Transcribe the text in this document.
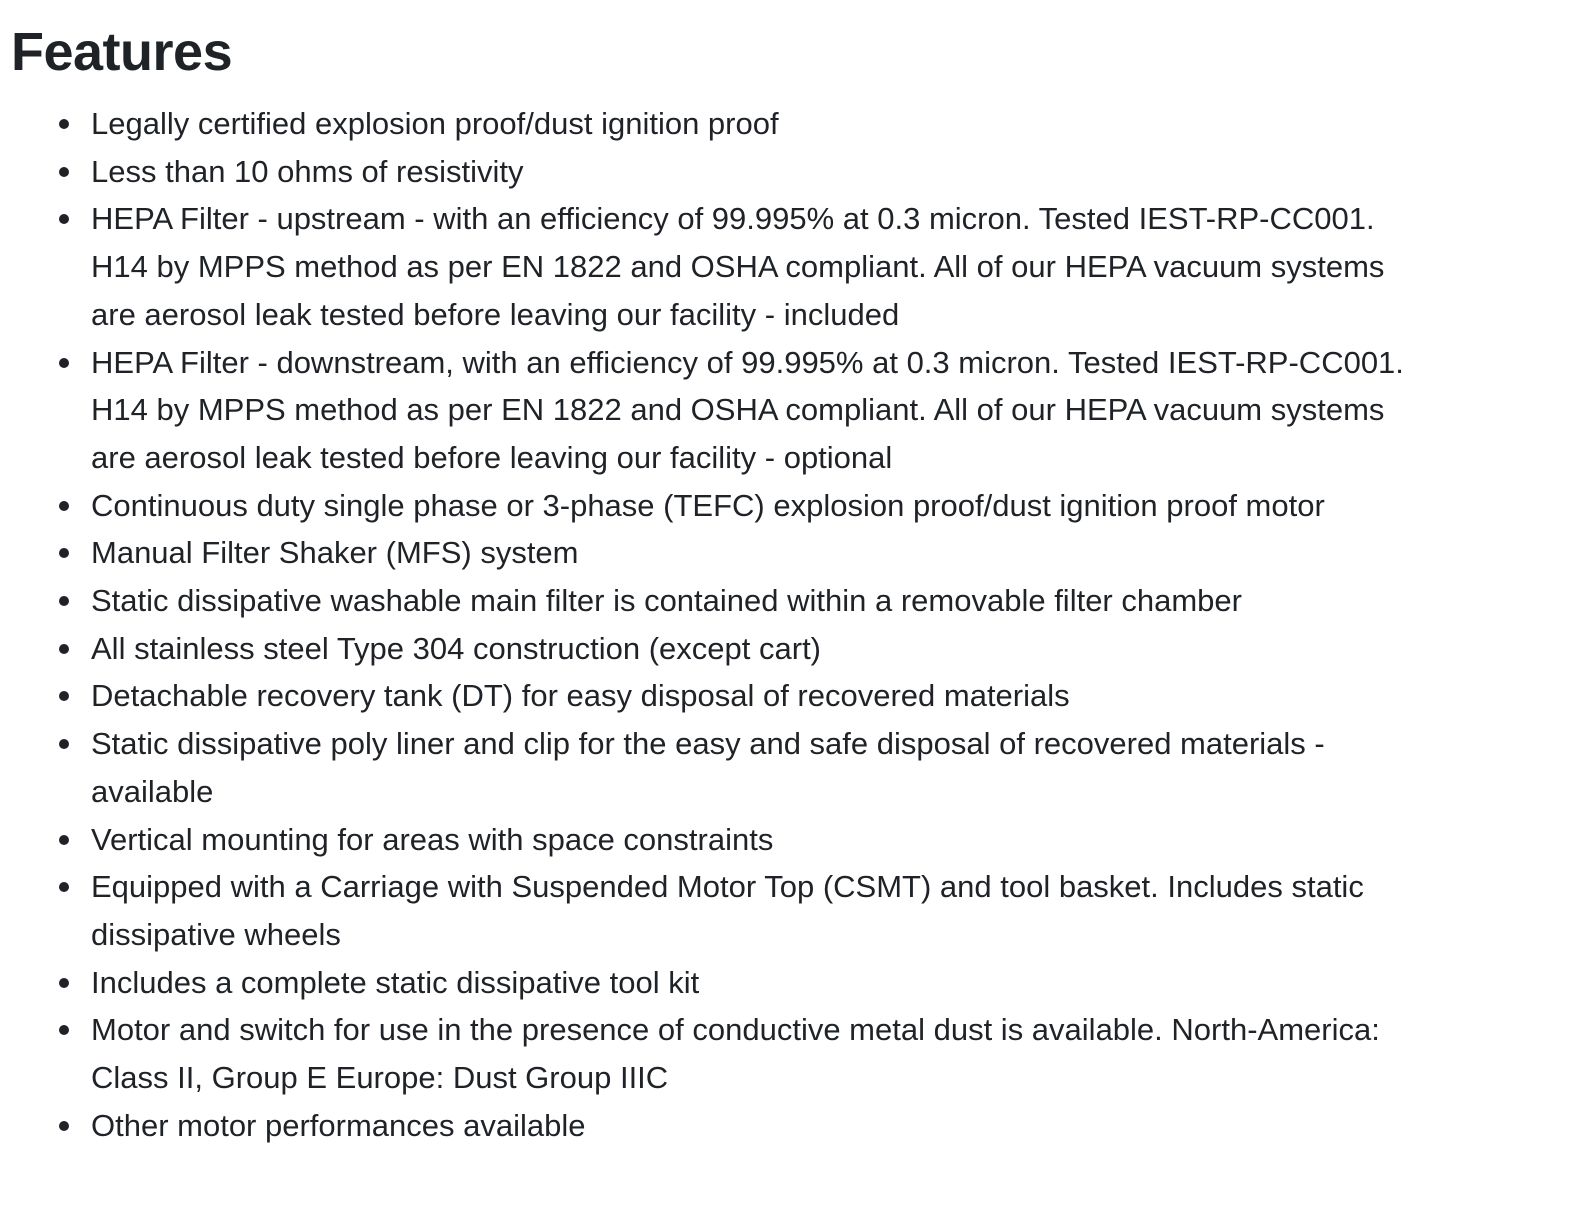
Features
Legally certified explosion proof/dust ignition proof
Less than 10 ohms of resistivity
HEPA Filter - upstream - with an efficiency of 99.995% at 0.3 micron. Tested IEST-RP-CC001. H14 by MPPS method as per EN 1822 and OSHA compliant. All of our HEPA vacuum systems are aerosol leak tested before leaving our facility - included
HEPA Filter - downstream, with an efficiency of 99.995% at 0.3 micron. Tested IEST-RP-CC001. H14 by MPPS method as per EN 1822 and OSHA compliant. All of our HEPA vacuum systems are aerosol leak tested before leaving our facility - optional
Continuous duty single phase or 3-phase (TEFC) explosion proof/dust ignition proof motor
Manual Filter Shaker (MFS) system
Static dissipative washable main filter is contained within a removable filter chamber
All stainless steel Type 304 construction (except cart)
Detachable recovery tank (DT) for easy disposal of recovered materials
Static dissipative poly liner and clip for the easy and safe disposal of recovered materials - available
Vertical mounting for areas with space constraints
Equipped with a Carriage with Suspended Motor Top (CSMT) and tool basket. Includes static dissipative wheels
Includes a complete static dissipative tool kit
Motor and switch for use in the presence of conductive metal dust is available. North-America: Class II, Group E Europe: Dust Group IIIC
Other motor performances available
